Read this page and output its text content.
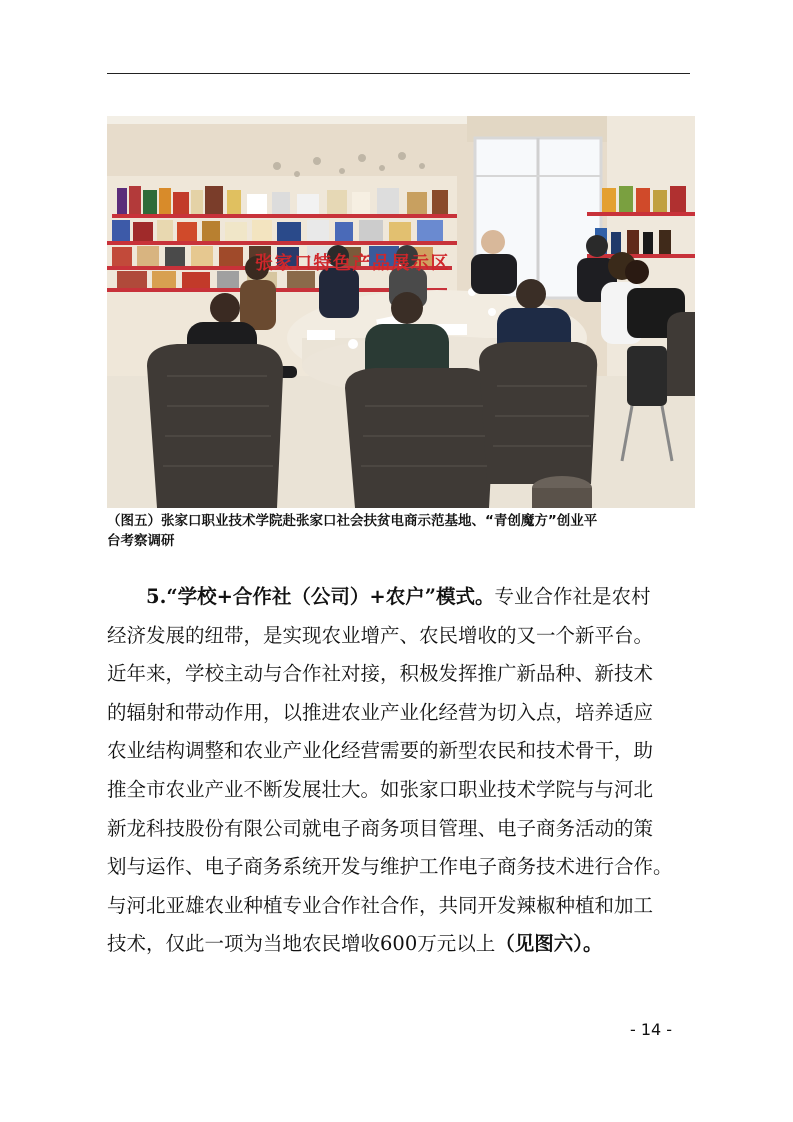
张家口特色产品展示区
（图五）张家口职业技术学院赴张家口社会扶贫电商示范基地、“青创魔方”创业平
台考察调研
5.“学校+合作社（公司）+农户”模式。专业合作社是农村
经济发展的纽带，是实现农业增产、农民增收的又一个新平台。
近年来，学校主动与合作社对接，积极发挥推广新品种、新技术
的辐射和带动作用，以推进农业产业化经营为切入点，培养适应
农业结构调整和农业产业化经营需要的新型农民和技术骨干，助
推全市农业产业不断发展壮大。如张家口职业技术学院与与河北
新龙科技股份有限公司就电子商务项目管理、电子商务活动的策
划与运作、电子商务系统开发与维护工作电子商务技术进行合作。
与河北亚雄农业种植专业合作社合作，共同开发辣椒种植和加工
技术，仅此一项为当地农民增收600万元以上（见图六）。
- 14 -
